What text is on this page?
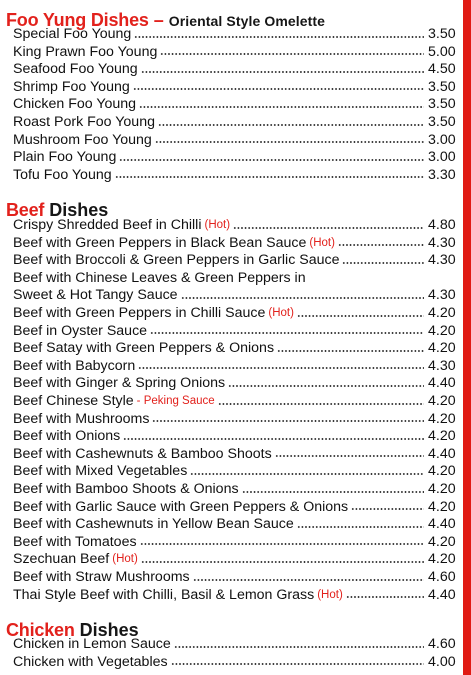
Foo Yung Dishes – Oriental Style Omelette
Special Foo Young	3.50
King Prawn Foo Young	5.00
Seafood Foo Young	4.50
Shrimp Foo Young	3.50
Chicken Foo Young	3.50
Roast Pork Foo Young	3.50
Mushroom Foo Young	3.00
Plain Foo Young	3.00
Tofu Foo Young	3.30
Beef Dishes
Crispy Shredded Beef in Chilli (Hot)	4.80
Beef with Green Peppers in Black Bean Sauce (Hot)	4.30
Beef with Broccoli & Green Peppers in Garlic Sauce	4.30
Beef with Chinese Leaves & Green Peppers in
Sweet & Hot Tangy Sauce	4.30
Beef with Green Peppers in Chilli Sauce (Hot)	4.20
Beef in Oyster Sauce	4.20
Beef Satay with Green Peppers & Onions	4.20
Beef with Babycorn	4.30
Beef with Ginger & Spring Onions	4.40
Beef Chinese Style - Peking Sauce	4.20
Beef with Mushrooms	4.20
Beef with Onions	4.20
Beef with Cashewnuts & Bamboo Shoots	4.40
Beef with Mixed Vegetables	4.20
Beef with Bamboo Shoots & Onions	4.20
Beef with Garlic Sauce with Green Peppers & Onions	4.20
Beef with Cashewnuts in Yellow Bean Sauce	4.40
Beef with Tomatoes	4.20
Szechuan Beef (Hot)	4.20
Beef with Straw Mushrooms	4.60
Thai Style Beef with Chilli, Basil & Lemon Grass (Hot)	4.40
Chicken Dishes
Chicken in Lemon Sauce	4.60
Chicken with Vegetables	4.00
